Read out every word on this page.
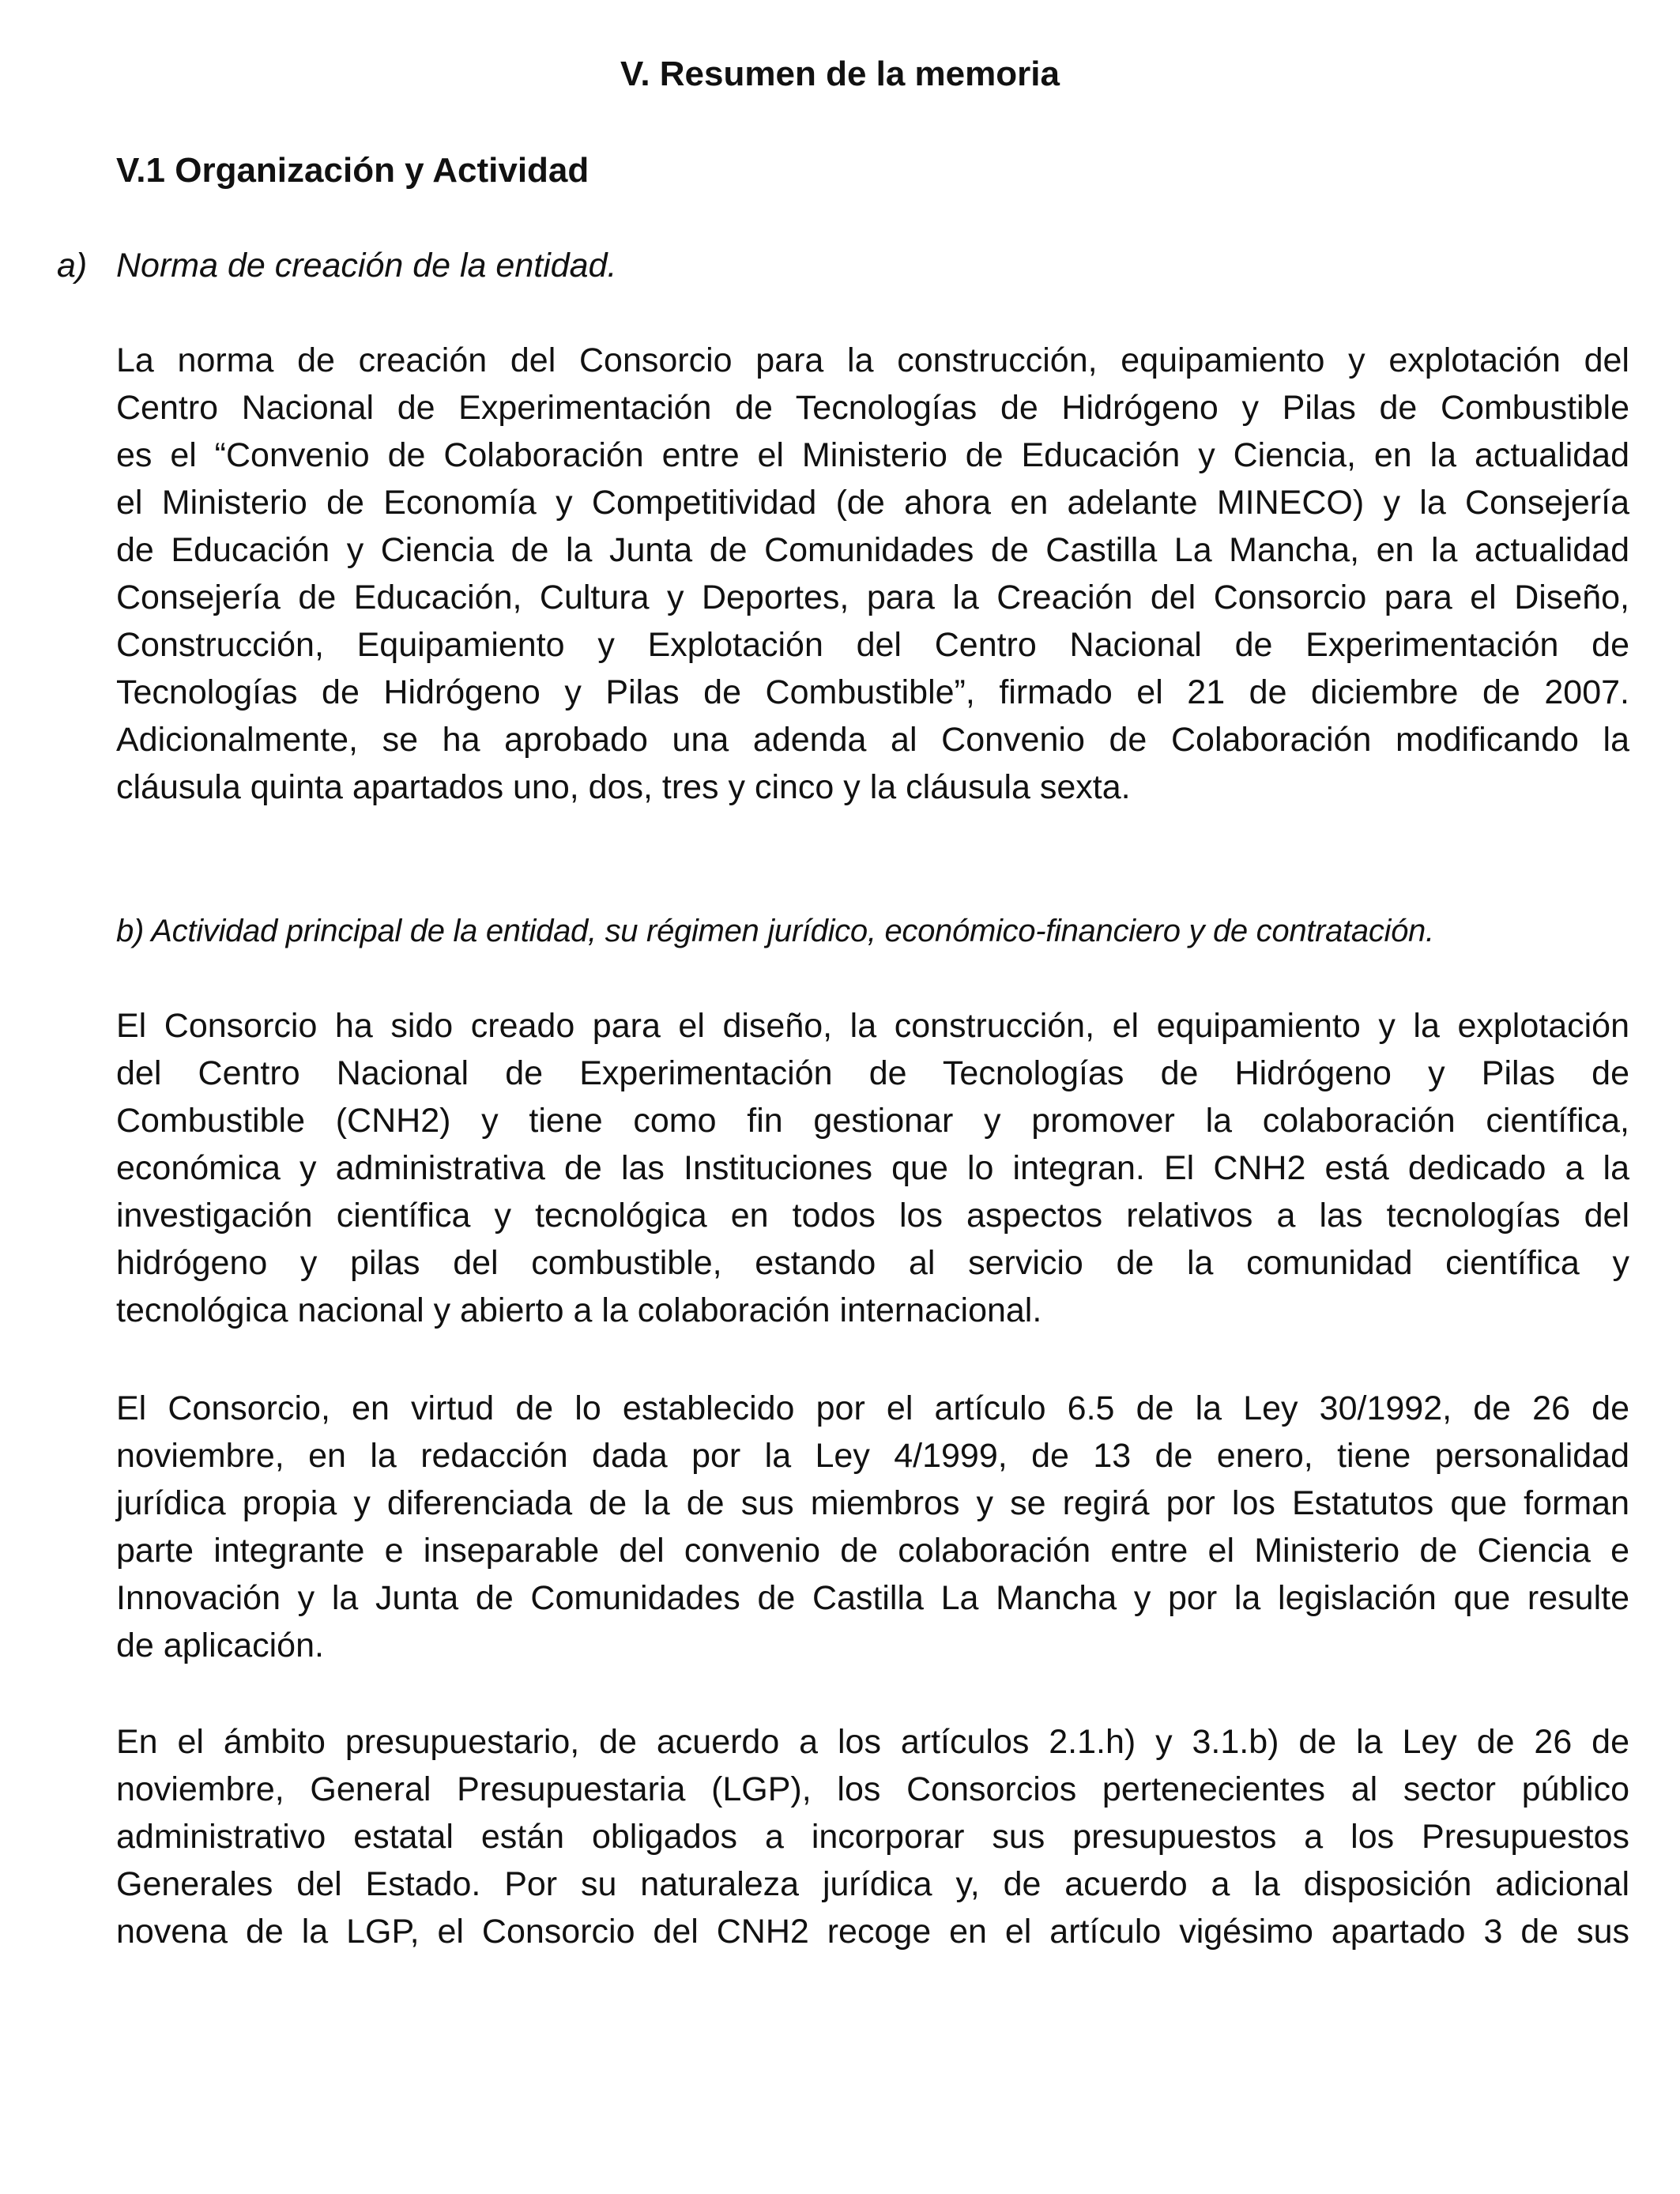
V. Resumen de la memoria
V.1 Organización y Actividad
a) Norma de creación de la entidad.
La norma de creación del Consorcio para la construcción, equipamiento y explotación del
Centro Nacional de Experimentación de Tecnologías de Hidrógeno y Pilas de Combustible
es el “Convenio de Colaboración entre el Ministerio de Educación y Ciencia, en la actualidad
el Ministerio de Economía y Competitividad (de ahora en adelante MINECO) y la Consejería
de Educación y Ciencia de la Junta de Comunidades de Castilla La Mancha, en la actualidad
Consejería de Educación, Cultura y Deportes, para la Creación del Consorcio para el Diseño,
Construcción, Equipamiento y Explotación del Centro Nacional de Experimentación de
Tecnologías de Hidrógeno y Pilas de Combustible”, firmado el 21 de diciembre de 2007.
Adicionalmente, se ha aprobado una adenda al Convenio de Colaboración modificando la
cláusula quinta apartados uno, dos, tres y cinco y la cláusula sexta.
b) Actividad principal de la entidad, su régimen jurídico, económico-financiero y de contratación.
El Consorcio ha sido creado para el diseño, la construcción, el equipamiento y la explotación
del Centro Nacional de Experimentación de Tecnologías de Hidrógeno y Pilas de
Combustible (CNH2) y tiene como fin gestionar y promover la colaboración científica,
económica y administrativa de las Instituciones que lo integran. El CNH2 está dedicado a la
investigación científica y tecnológica en todos los aspectos relativos a las tecnologías del
hidrógeno y pilas del combustible, estando al servicio de la comunidad científica y
tecnológica nacional y abierto a la colaboración internacional.
El Consorcio, en virtud de lo establecido por el artículo 6.5 de la Ley 30/1992, de 26 de
noviembre, en la redacción dada por la Ley 4/1999, de 13 de enero, tiene personalidad
jurídica propia y diferenciada de la de sus miembros y se regirá por los Estatutos que forman
parte integrante e inseparable del convenio de colaboración entre el Ministerio de Ciencia e
Innovación y la Junta de Comunidades de Castilla La Mancha y por la legislación que resulte
de aplicación.
En el ámbito presupuestario, de acuerdo a los artículos 2.1.h) y 3.1.b) de la Ley de 26 de
noviembre, General Presupuestaria (LGP), los Consorcios pertenecientes al sector público
administrativo estatal están obligados a incorporar sus presupuestos a los Presupuestos
Generales del Estado. Por su naturaleza jurídica y, de acuerdo a la disposición adicional
novena de la LGP, el Consorcio del CNH2 recoge en el artículo vigésimo apartado 3 de sus
